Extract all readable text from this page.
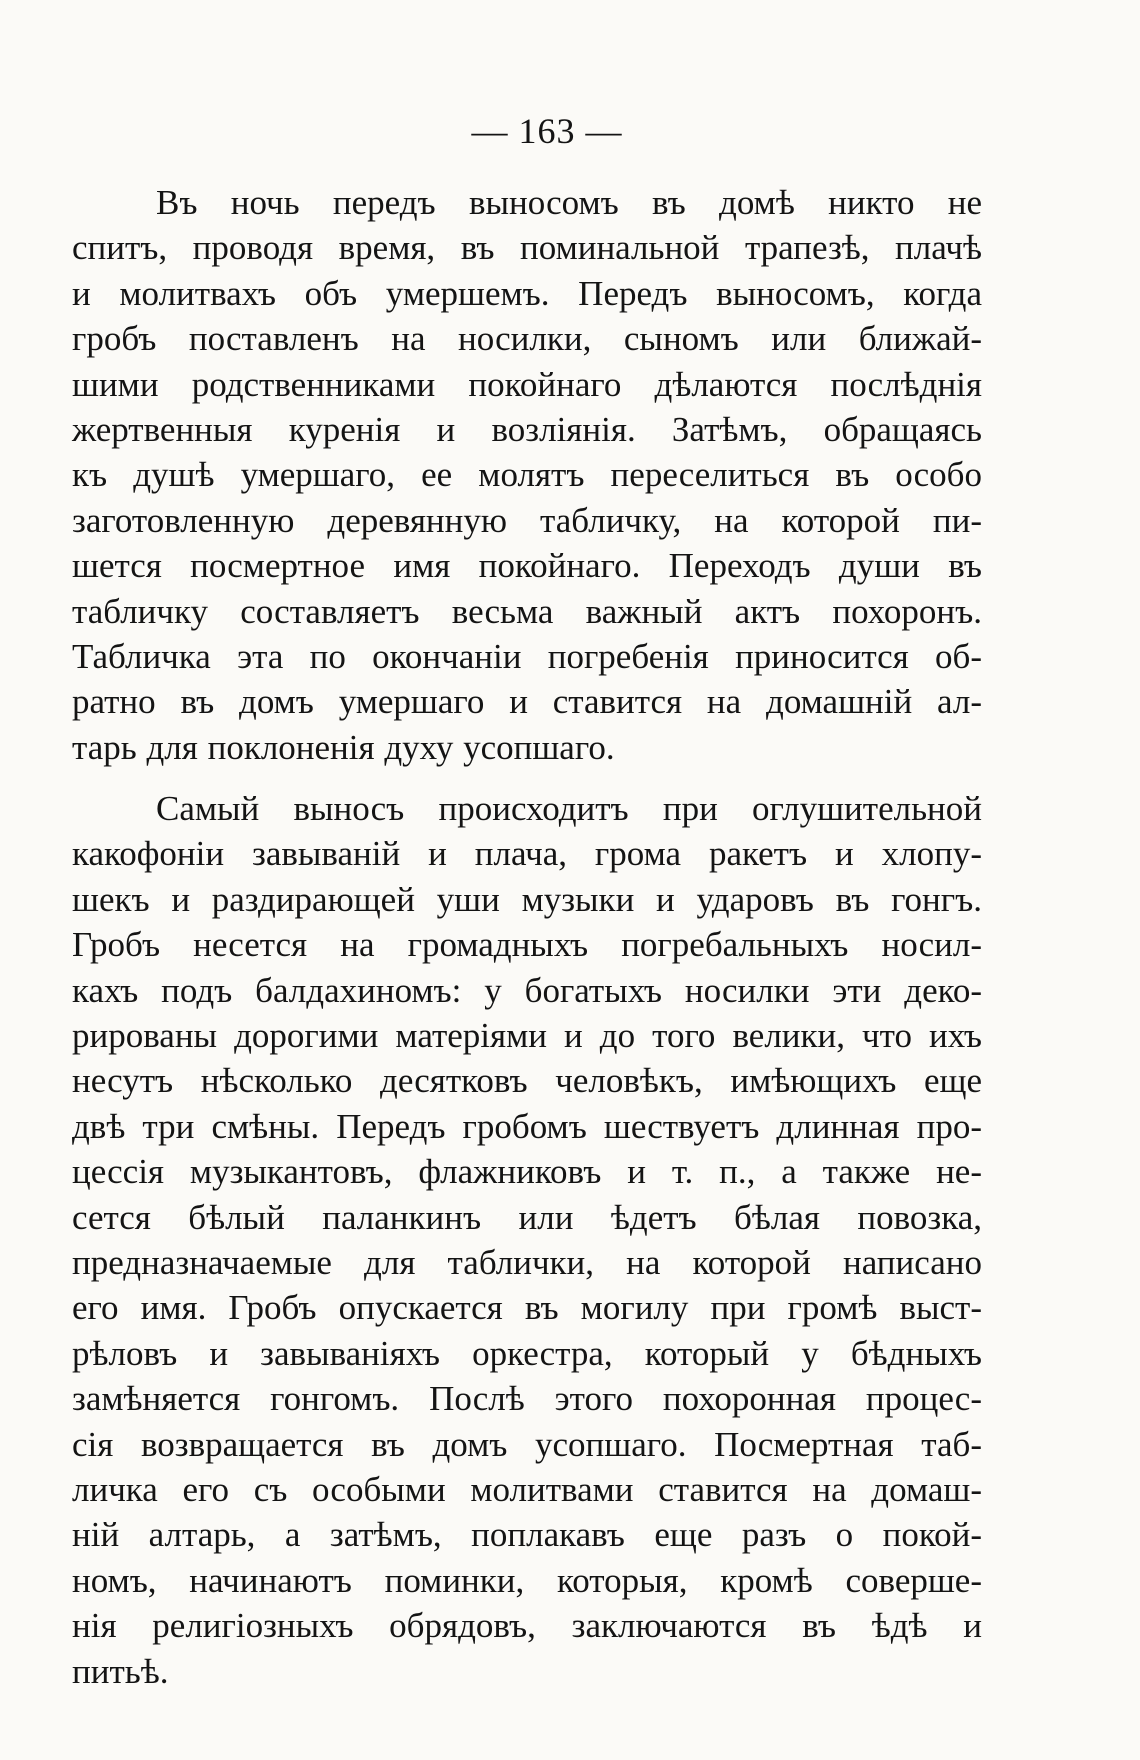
— 163 —
Въ ночь передъ выносомъ въ домѣ никто не
спитъ, проводя время, въ поминальной трапезѣ, плачѣ
и молитвахъ объ умершемъ. Передъ выносомъ, когда
гробъ поставленъ на носилки, сыномъ или ближай-
шими родственниками покойнаго дѣлаются послѣднія
жертвенныя куренія и возліянія. Затѣмъ, обращаясь
къ душѣ умершаго, ее молятъ переселиться въ особо
заготовленную деревянную табличку, на которой пи-
шется посмертное имя покойнаго. Переходъ души въ
табличку составляетъ весьма важный актъ похоронъ.
Табличка эта по окончаніи погребенія приносится об-
ратно въ домъ умершаго и ставится на домашній ал-
тарь для поклоненія духу усопшаго.
Самый выносъ происходитъ при оглушительной
какофоніи завываній и плача, грома ракетъ и хлопу-
шекъ и раздирающей уши музыки и ударовъ въ гонгъ.
Гробъ несется на громадныхъ погребальныхъ носил-
кахъ подъ балдахиномъ: у богатыхъ носилки эти деко-
рированы дорогими матеріями и до того велики, что ихъ
несутъ нѣсколько десятковъ человѣкъ, имѣющихъ еще
двѣ три смѣны. Передъ гробомъ шествуетъ длинная про-
цессія музыкантовъ, флажниковъ и т. п., а также не-
сется бѣлый паланкинъ или ѣдетъ бѣлая повозка,
предназначаемые для таблички, на которой написано
его имя. Гробъ опускается въ могилу при громѣ выст-
рѣловъ и завываніяхъ оркестра, который у бѣдныхъ
замѣняется гонгомъ. Послѣ этого похоронная процес-
сія возвращается въ домъ усопшаго. Посмертная таб-
личка его съ особыми молитвами ставится на домаш-
ній алтарь, а затѣмъ, поплакавъ еще разъ о покой-
номъ, начинаютъ поминки, которыя, кромѣ соверше-
нія религіозныхъ обрядовъ, заключаются въ ѣдѣ и
питьѣ.
